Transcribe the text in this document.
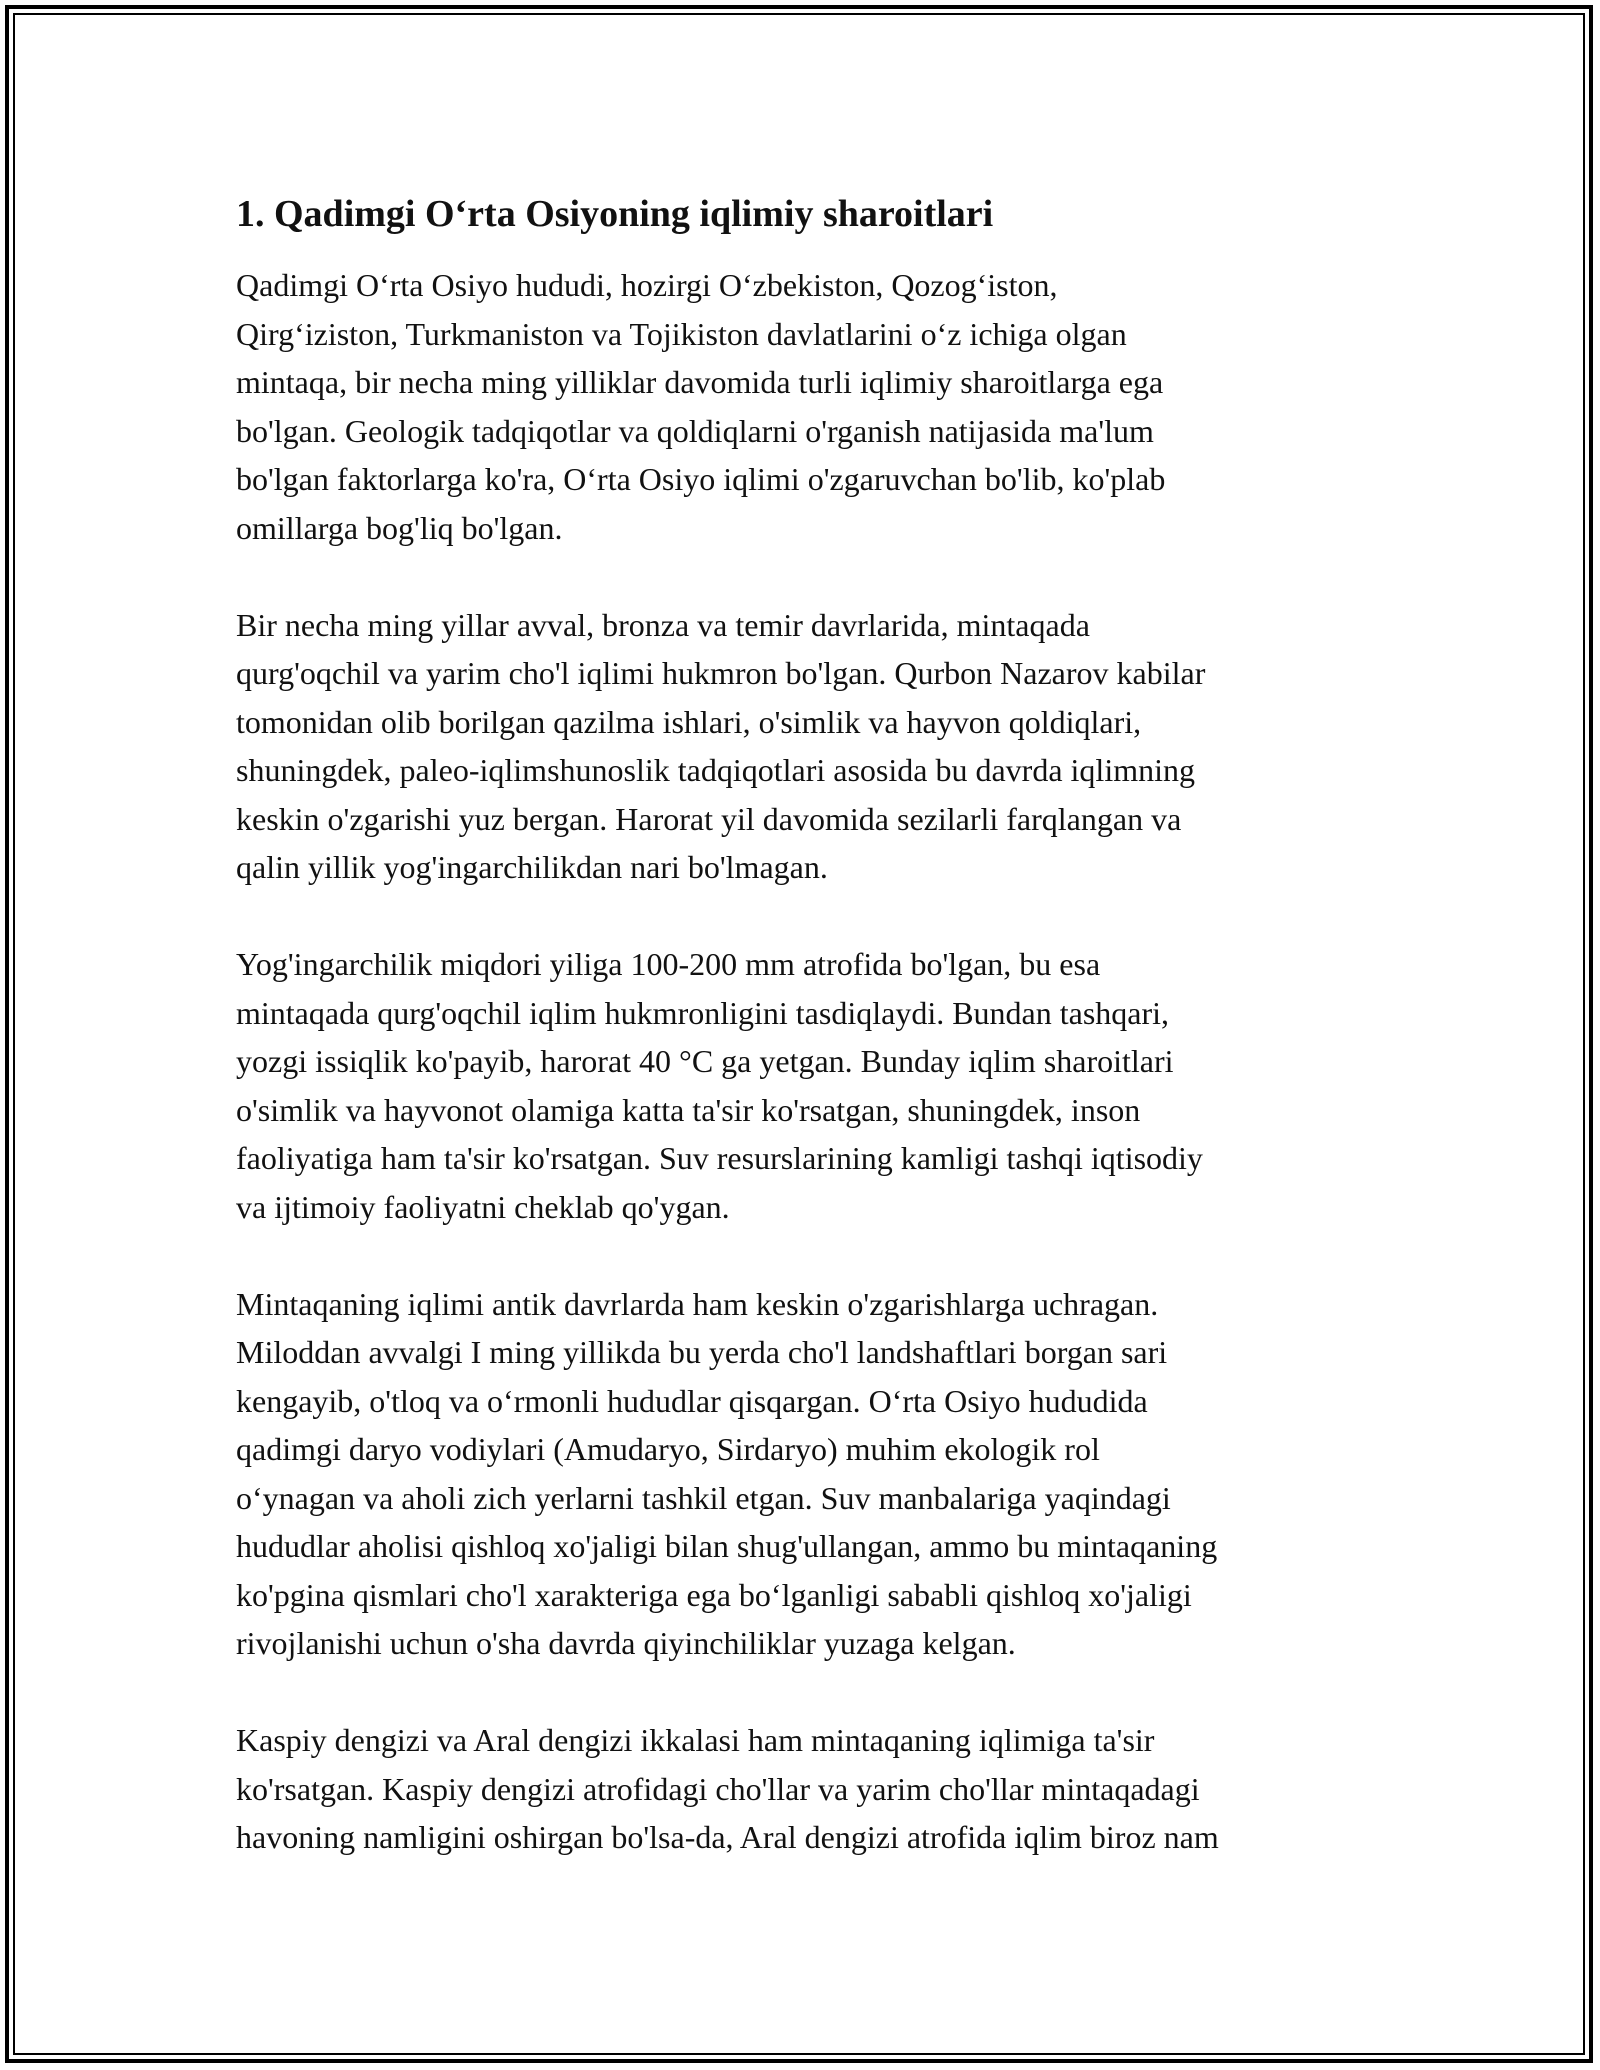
1. Qadimgi O‘rta Osiyoning iqlimiy sharoitlari

Qadimgi O‘rta Osiyo hududi, hozirgi O‘zbekiston, Qozog‘iston,
Qirg‘iziston, Turkmaniston va Tojikiston davlatlarini o‘z ichiga olgan
mintaqa, bir necha ming yilliklar davomida turli iqlimiy sharoitlarga ega
bo'lgan. Geologik tadqiqotlar va qoldiqlarni o'rganish natijasida ma'lum
bo'lgan faktorlarga ko'ra, O‘rta Osiyo iqlimi o'zgaruvchan bo'lib, ko'plab
omillarga bog'liq bo'lgan.

Bir necha ming yillar avval, bronza va temir davrlarida, mintaqada
qurg'oqchil va yarim cho'l iqlimi hukmron bo'lgan. Qurbon Nazarov kabilar
tomonidan olib borilgan qazilma ishlari, o'simlik va hayvon qoldiqlari,
shuningdek, paleo-iqlimshunoslik tadqiqotlari asosida bu davrda iqlimning
keskin o'zgarishi yuz bergan. Harorat yil davomida sezilarli farqlangan va
qalin yillik yog'ingarchilikdan nari bo'lmagan.

Yog'ingarchilik miqdori yiliga 100-200 mm atrofida bo'lgan, bu esa
mintaqada qurg'oqchil iqlim hukmronligini tasdiqlaydi. Bundan tashqari,
yozgi issiqlik ko'payib, harorat 40 °C ga yetgan. Bunday iqlim sharoitlari
o'simlik va hayvonot olamiga katta ta'sir ko'rsatgan, shuningdek, inson
faoliyatiga ham ta'sir ko'rsatgan. Suv resurslarining kamligi tashqi iqtisodiy
va ijtimoiy faoliyatni cheklab qo'ygan.

Mintaqaning iqlimi antik davrlarda ham keskin o'zgarishlarga uchragan.
Miloddan avvalgi I ming yillikda bu yerda cho'l landshaftlari borgan sari
kengayib, o'tloq va o‘rmonli hududlar qisqargan. O‘rta Osiyo hududida
qadimgi daryo vodiylari (Amudaryo, Sirdaryo) muhim ekologik rol
o‘ynagan va aholi zich yerlarni tashkil etgan. Suv manbalariga yaqindagi
hududlar aholisi qishloq xo'jaligi bilan shug'ullangan, ammo bu mintaqaning
ko'pgina qismlari cho'l xarakteriga ega bo‘lganligi sababli qishloq xo'jaligi
rivojlanishi uchun o'sha davrda qiyinchiliklar yuzaga kelgan.

Kaspiy dengizi va Aral dengizi ikkalasi ham mintaqaning iqlimiga ta'sir
ko'rsatgan. Kaspiy dengizi atrofidagi cho'llar va yarim cho'llar mintaqadagi
havoning namligini oshirgan bo'lsa-da, Aral dengizi atrofida iqlim biroz nam
